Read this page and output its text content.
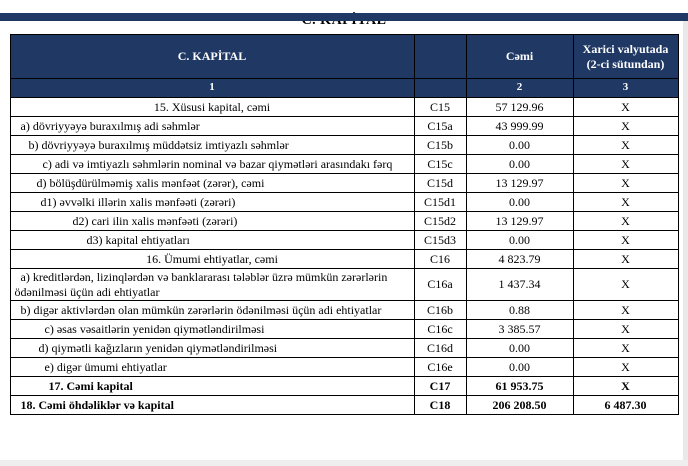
C. KAPİTAL		Cəmi	Xarici valyutada (2-ci sütundan)
1		2	3
15. Xüsusi kapital, cəmi	C15	57 129.96	X
a) dövriyyəyə buraxılmış adi səhmlər	C15a	43 999.99	X
b) dövriyyəyə buraxılmış müddətsiz imtiyazlı səhmlər	C15b	0.00	X
c) adi və imtiyazlı səhmlərin nominal və bazar qiymətləri arasındakı fərq	C15c	0.00	X
d) bölüşdürülməmiş xalis mənfəət (zərər), cəmi	C15d	13 129.97	X
d1) əvvəlki illərin xalis mənfəəti (zərəri)	C15d1	0.00	X
d2) cari ilin xalis mənfəəti (zərəri)	C15d2	13 129.97	X
d3) kapital ehtiyatları	C15d3	0.00	X
16. Ümumi ehtiyatlar, cəmi	C16	4 823.79	X
a) kreditlərdən, lizinqlərdən və banklararası tələblər üzrə mümkün zərərlərin ödənilməsi üçün adi ehtiyatlar	C16a	1 437.34	X
b) digər aktivlərdən olan mümkün zərərlərin ödənilməsi üçün adi ehtiyatlar	C16b	0.88	X
c) əsas vəsaitlərin yenidən qiymətləndirilməsi	C16c	3 385.57	X
d) qiymətli kağızların yenidən qiymətləndirilməsi	C16d	0.00	X
e) digər ümumi ehtiyatlar	C16e	0.00	X
17. Cəmi kapital	C17	61 953.75	X
18. Cəmi öhdəliklər və kapital	C18	206 208.50	6 487.30
